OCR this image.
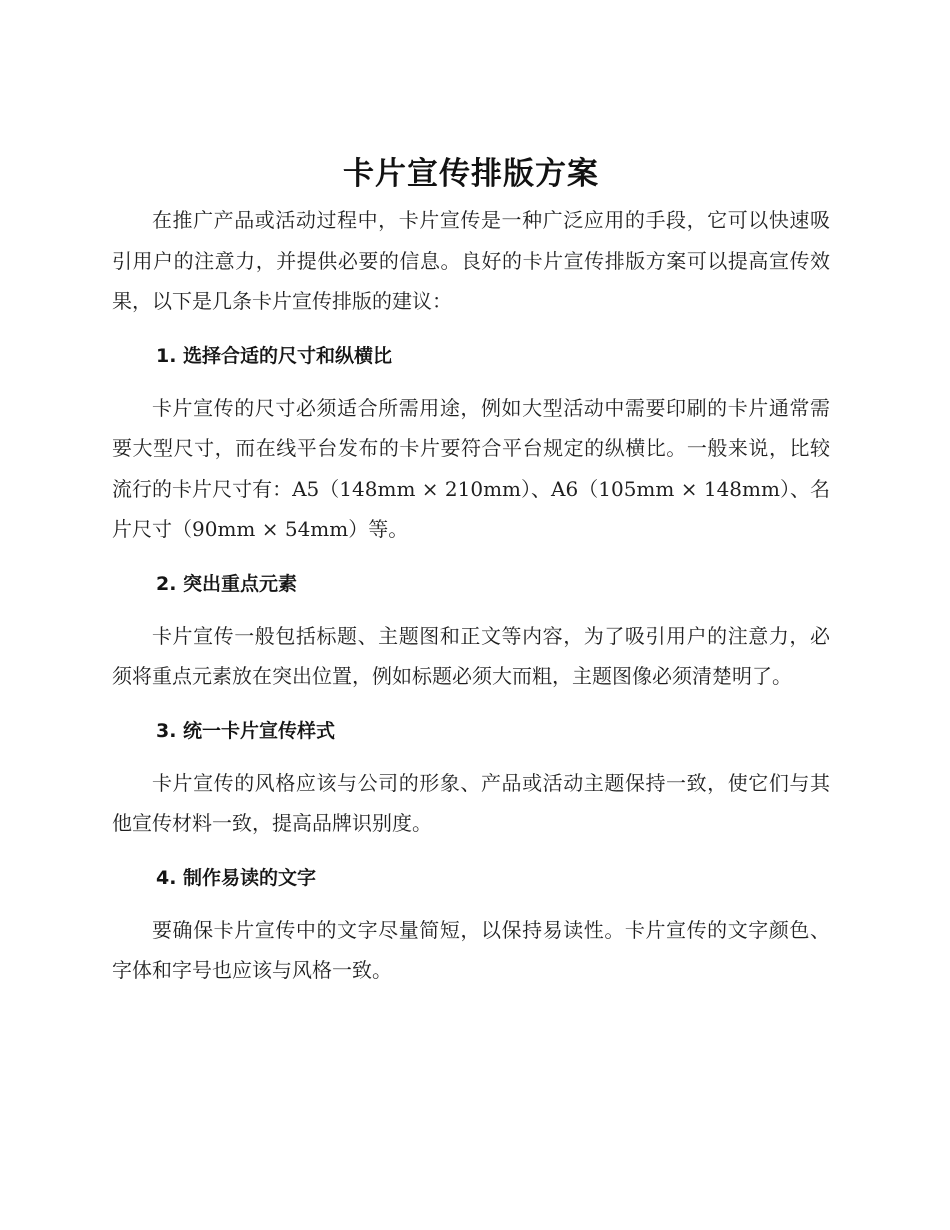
卡片宣传排版方案

在推广产品或活动过程中，卡片宣传是一种广泛应用的手段，它可以快速吸引用户的注意力，并提供必要的信息。良好的卡片宣传排版方案可以提高宣传效果，以下是几条卡片宣传排版的建议：

1. 选择合适的尺寸和纵横比

卡片宣传的尺寸必须适合所需用途，例如大型活动中需要印刷的卡片通常需要大型尺寸，而在线平台发布的卡片要符合平台规定的纵横比。一般来说，比较流行的卡片尺寸有：A5（148mm × 210mm）、A6（105mm × 148mm）、名片尺寸（90mm × 54mm）等。

2. 突出重点元素

卡片宣传一般包括标题、主题图和正文等内容，为了吸引用户的注意力，必须将重点元素放在突出位置，例如标题必须大而粗，主题图像必须清楚明了。

3. 统一卡片宣传样式

卡片宣传的风格应该与公司的形象、产品或活动主题保持一致，使它们与其他宣传材料一致，提高品牌识别度。

4. 制作易读的文字

要确保卡片宣传中的文字尽量简短，以保持易读性。卡片宣传的文字颜色、字体和字号也应该与风格一致。
